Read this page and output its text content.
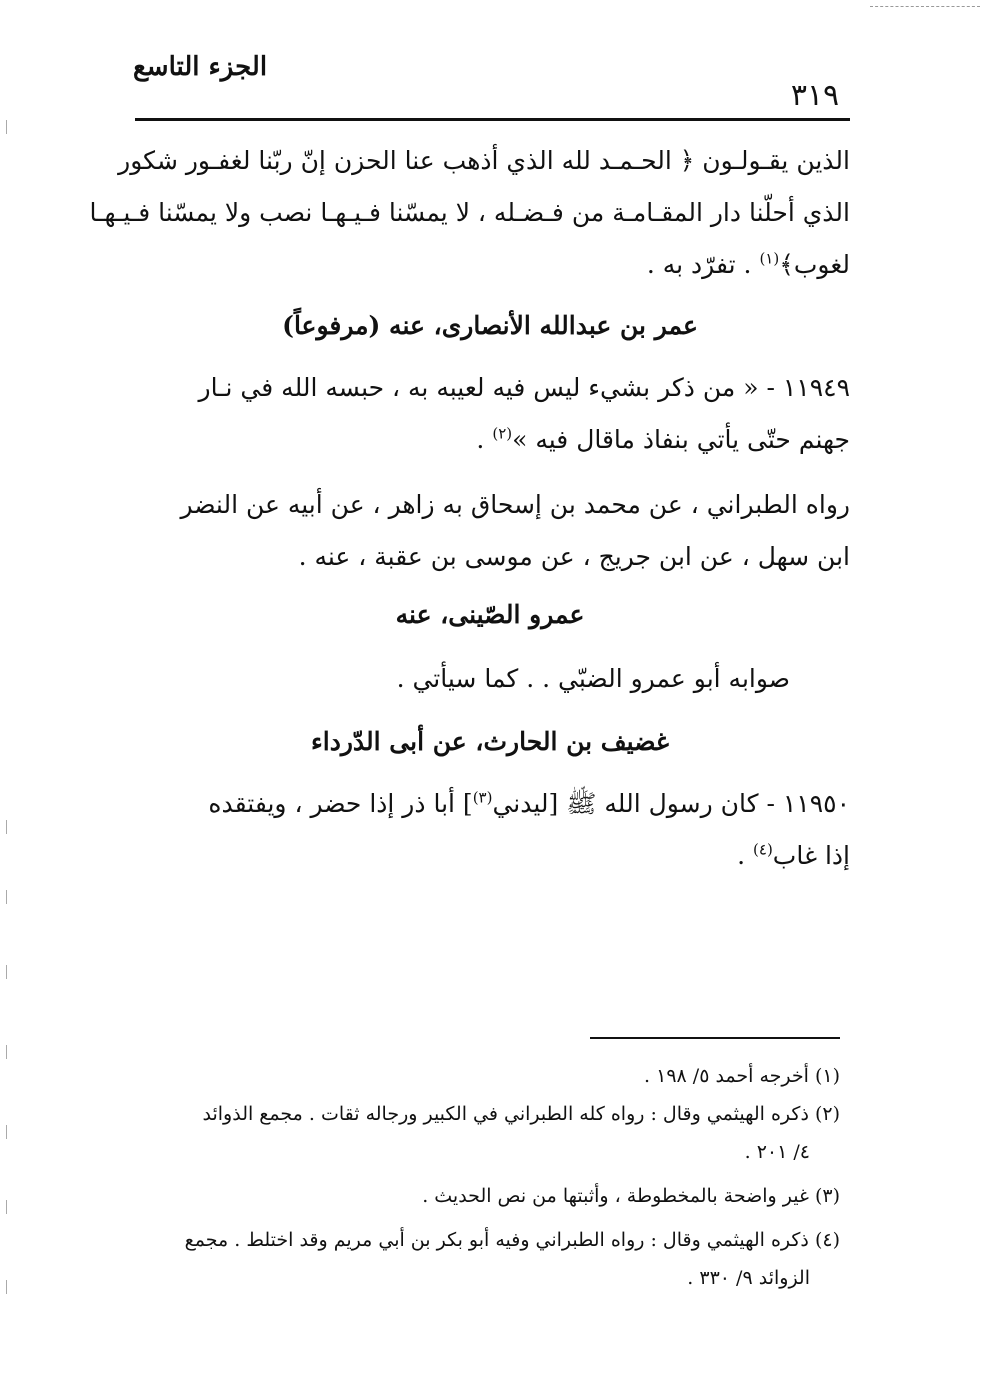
الجزء التاسع
٣١٩
الذين يقـولـون ﴿ الحـمـد لله الذي أذهب عنا الحزن إنّ ربّنا لغفـور شكور
الذي أحلّنا دار المقـامـة من فـضـله ، لا يمسّنا فـيـهـا نصب ولا يمسّنا فـيـهـا
لغوب﴾$^{(١)}$ . تفرّد به .
عمر بن عبدالله الأنصارى، عنه (مرفوعاً)
١١٩٤٩ - « من ذكر بشيء ليس فيه لعيبه به ، حبسه الله في نـار
جهنم حتّى يأتي بنفاذ ماقال فيه »$^{(٢)}$ .
رواه الطبراني ، عن محمد بن إسحاق به زاهر ، عن أبيه عن النضر
ابن سهل ، عن ابن جريج ، عن موسى بن عقبة ، عنه .
عمرو الصّينى، عنه
صوابه أبو عمرو الضبّي . . كما سيأتي .
غضيف بن الحارث، عن أبى الدّرداء
١١٩٥٠ - كان رسول الله ﷺ [ليدني$^{(٣)}$] أبا ذر إذا حضر ، ويفتقده
إذا غاب$^{(٤)}$ .
(١) أخرجه أحمد ٥/ ١٩٨ .
(٢) ذكره الهيثمي وقال : رواه كله الطبراني في الكبير ورجاله ثقات . مجمع الذوائد
٤/ ٢٠١ .
(٣) غير واضحة بالمخطوطة ، وأثبتها من نص الحديث .
(٤) ذكره الهيثمي وقال : رواه الطبراني وفيه أبو بكر بن أبي مريم وقد اختلط . مجمع
الزوائد ٩/ ٣٣٠ .
